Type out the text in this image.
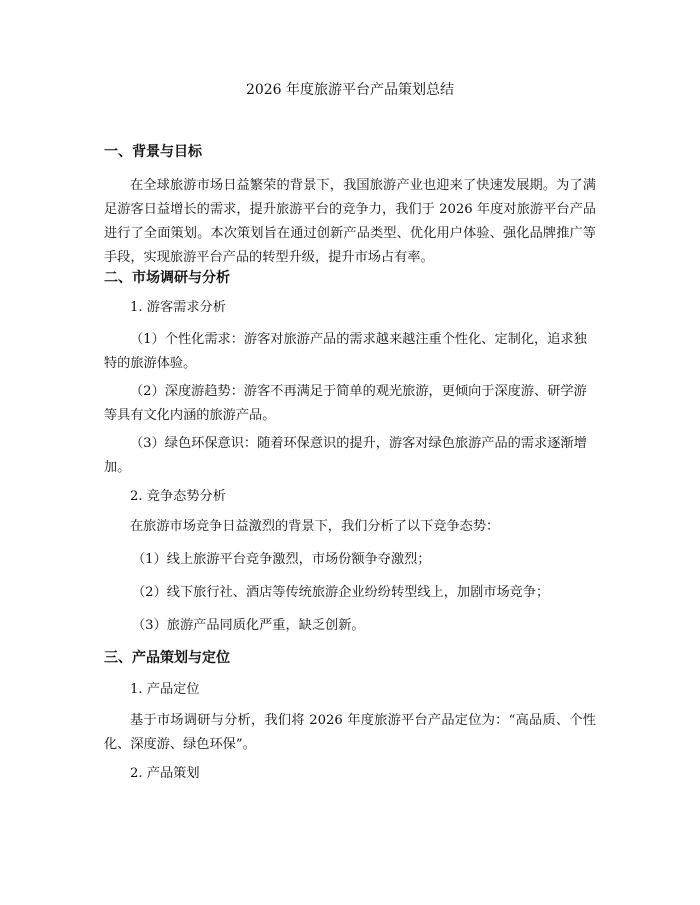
2026 年度旅游平台产品策划总结
一、背景与目标
在全球旅游市场日益繁荣的背景下，我国旅游产业也迎来了快速发展期。为了满足游客日益增长的需求，提升旅游平台的竞争力，我们于 2026 年度对旅游平台产品进行了全面策划。本次策划旨在通过创新产品类型、优化用户体验、强化品牌推广等手段，实现旅游平台产品的转型升级，提升市场占有率。
二、市场调研与分析
1. 游客需求分析
（1）个性化需求：游客对旅游产品的需求越来越注重个性化、定制化，追求独特的旅游体验。
（2）深度游趋势：游客不再满足于简单的观光旅游，更倾向于深度游、研学游等具有文化内涵的旅游产品。
（3）绿色环保意识：随着环保意识的提升，游客对绿色旅游产品的需求逐渐增加。
2. 竞争态势分析
在旅游市场竞争日益激烈的背景下，我们分析了以下竞争态势：
（1）线上旅游平台竞争激烈，市场份额争夺激烈；
（2）线下旅行社、酒店等传统旅游企业纷纷转型线上，加剧市场竞争；
（3）旅游产品同质化严重，缺乏创新。
三、产品策划与定位
1. 产品定位
基于市场调研与分析，我们将 2026 年度旅游平台产品定位为：“高品质、个性化、深度游、绿色环保”。
2. 产品策划
